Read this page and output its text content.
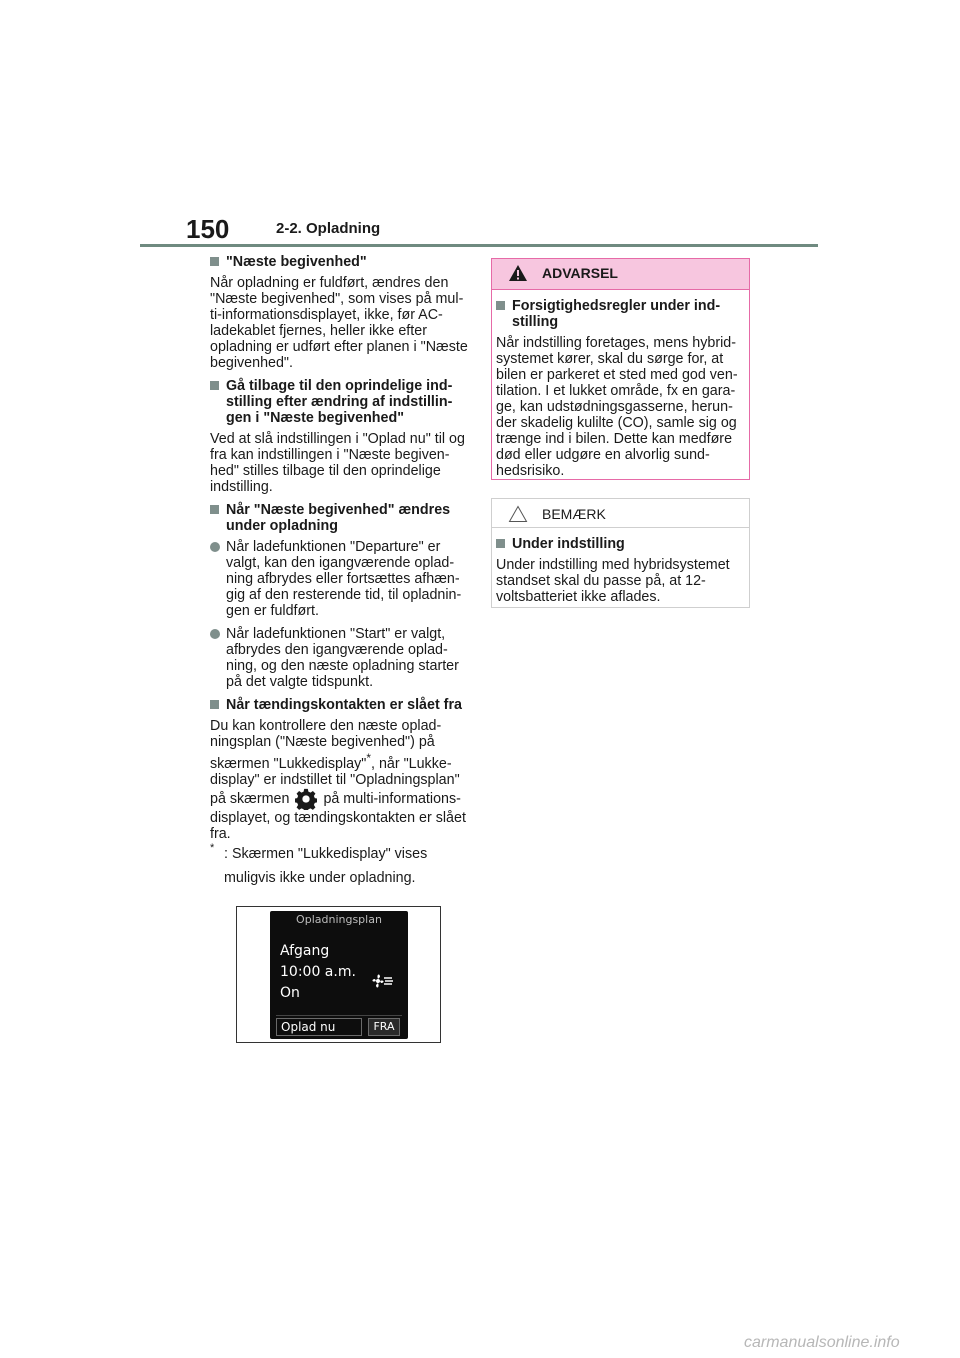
150	2-2. Opladning
"Næste begivenhed"

Når opladning er fuldført, ændres den "Næste begivenhed", som vises på multi-informationsdisplayet, ikke, før AC-ladekablet fjernes, heller ikke efter opladning er udført efter planen i "Næste begivenhed".

Gå tilbage til den oprindelige indstilling efter ændring af indstillingen i "Næste begivenhed"

Ved at slå indstillingen i "Oplad nu" til og fra kan indstillingen i "Næste begivenhed" stilles tilbage til den oprindelige indstilling.

Når "Næste begivenhed" ændres under opladning
Når ladefunktionen "Departure" er valgt, kan den igangværende opladning afbrydes eller fortsættes afhængig af den resterende tid, til opladningen er fuldført.
Når ladefunktionen "Start" er valgt, afbrydes den igangværende opladning, og den næste opladning starter på det valgte tidspunkt.
Når tændingskontakten er slået fra

Du kan kontrollere den næste opladningsplan ("Næste begivenhed") på skærmen "Lukkedisplay"*, når "Lukkedisplay" er indstillet til "Opladningsplan" på skærmen på multi-informationsdisplayet, og tændingskontakten er slået fra.

* : Skærmen "Lukkedisplay" vises muligvis ikke under opladning.
Opladningsplan
Afgang
10:00 a.m.
On
Oplad nu	FRA
ADVARSEL
Forsigtighedsregler under indstilling

Når indstilling foretages, mens hybridsystemet kører, skal du sørge for, at bilen er parkeret et sted med god ventilation. I et lukket område, fx en garage, kan udstødningsgasserne, herunder skadelig kulilte (CO), samle sig og trænge ind i bilen. Dette kan medføre død eller udgøre en alvorlig sundhedsrisiko.

BEMÆRK
Under indstilling

Under indstilling med hybridsystemet standset skal du passe på, at 12-voltsbatteriet ikke aflades.

carmanualsonline.info
